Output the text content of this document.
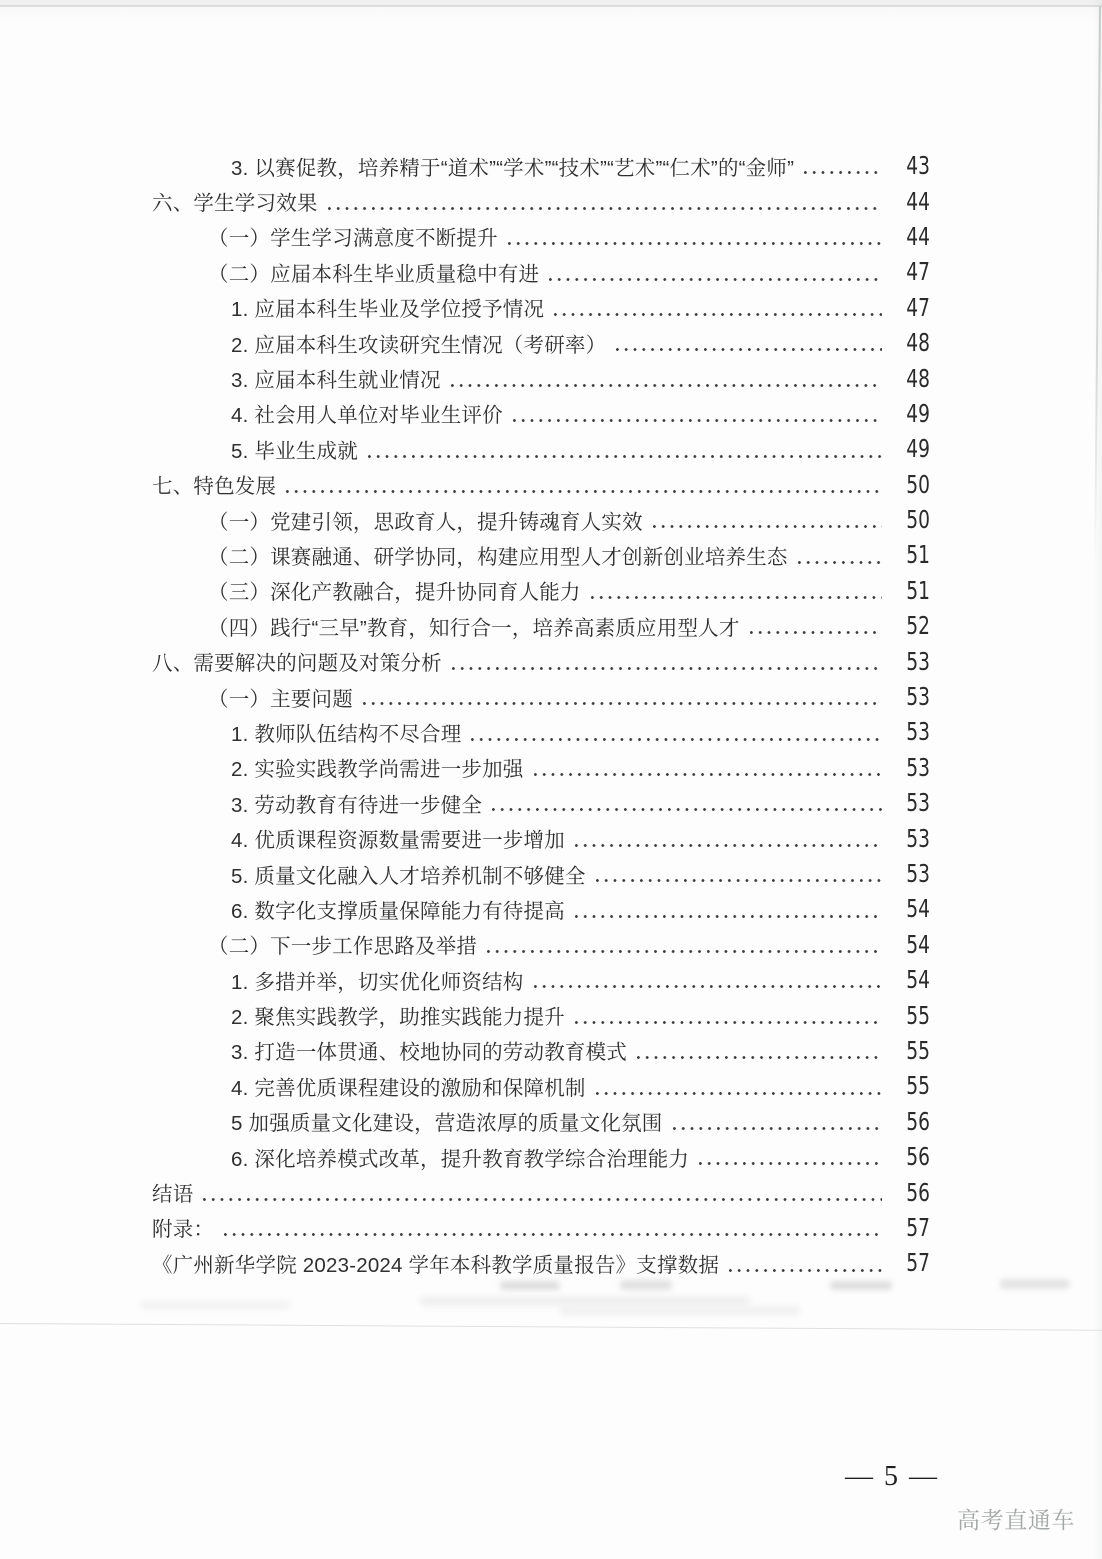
3. 以赛促教，培养精于“道术”“学术”“技术”“艺术”“仁术”的“金师”	43
六、学生学习效果	44
（一）学生学习满意度不断提升	44
（二）应届本科生毕业质量稳中有进	47
1. 应届本科生毕业及学位授予情况	47
2. 应届本科生攻读研究生情况（考研率）	48
3. 应届本科生就业情况	48
4. 社会用人单位对毕业生评价	49
5. 毕业生成就	49
七、特色发展	50
（一）党建引领，思政育人，提升铸魂育人实效	50
（二）课赛融通、研学协同，构建应用型人才创新创业培养生态	51
（三）深化产教融合，提升协同育人能力	51
（四）践行“三早”教育，知行合一，培养高素质应用型人才	52
八、需要解决的问题及对策分析	53
（一）主要问题	53
1. 教师队伍结构不尽合理	53
2. 实验实践教学尚需进一步加强	53
3. 劳动教育有待进一步健全	53
4. 优质课程资源数量需要进一步增加	53
5. 质量文化融入人才培养机制不够健全	53
6. 数字化支撑质量保障能力有待提高	54
（二）下一步工作思路及举措	54
1. 多措并举，切实优化师资结构	54
2. 聚焦实践教学，助推实践能力提升	55
3. 打造一体贯通、校地协同的劳动教育模式	55
4. 完善优质课程建设的激励和保障机制	55
5 加强质量文化建设，营造浓厚的质量文化氛围	56
6. 深化培养模式改革，提升教育教学综合治理能力	56
结语	56
附录：	57
《广州新华学院 2023-2024 学年本科教学质量报告》支撑数据	57
— 5 —
高考直通车
